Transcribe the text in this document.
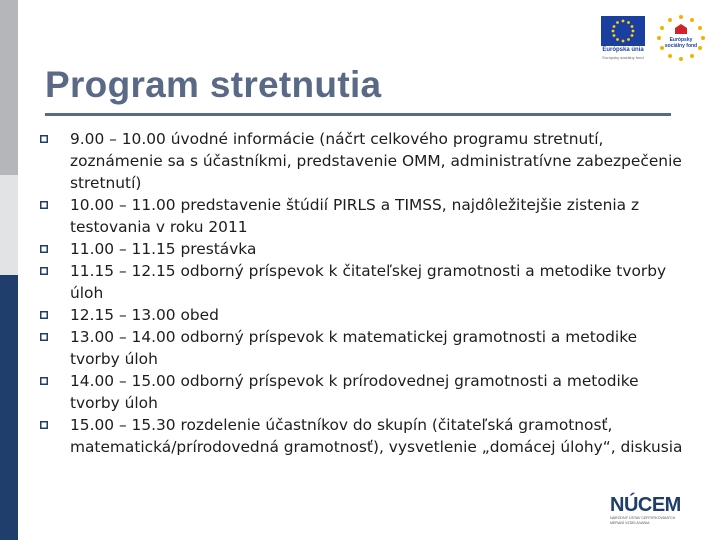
Európska únia
Európsky sociálny fond
Európsky sociálny fond
Program stretnutia
9.00 – 10.00 úvodné informácie (náčrt celkového programu stretnutí, zoznámenie sa s účastníkmi, predstavenie OMM, administratívne zabezpečenie stretnutí)
10.00 – 11.00 predstavenie štúdií PIRLS a TIMSS, najdôležitejšie zistenia z testovania v roku 2011
11.00 – 11.15 prestávka
11.15 – 12.15 odborný príspevok k čitateľskej gramotnosti a metodike tvorby úloh
12.15 – 13.00 obed
13.00 – 14.00 odborný príspevok k matematickej gramotnosti a metodike tvorby úloh
14.00 – 15.00 odborný príspevok k prírodovednej gramotnosti a metodike tvorby úloh
15.00 – 15.30 rozdelenie účastníkov do skupín (čitateľská gramotnosť, matematická/prírodovedná gramotnosť), vysvetlenie „domácej úlohy“, diskusia
NÚCEM
NÁRODNÝ ÚSTAV CERTIFIKOVANÝCH MERANÍ VZDELÁVANIA
